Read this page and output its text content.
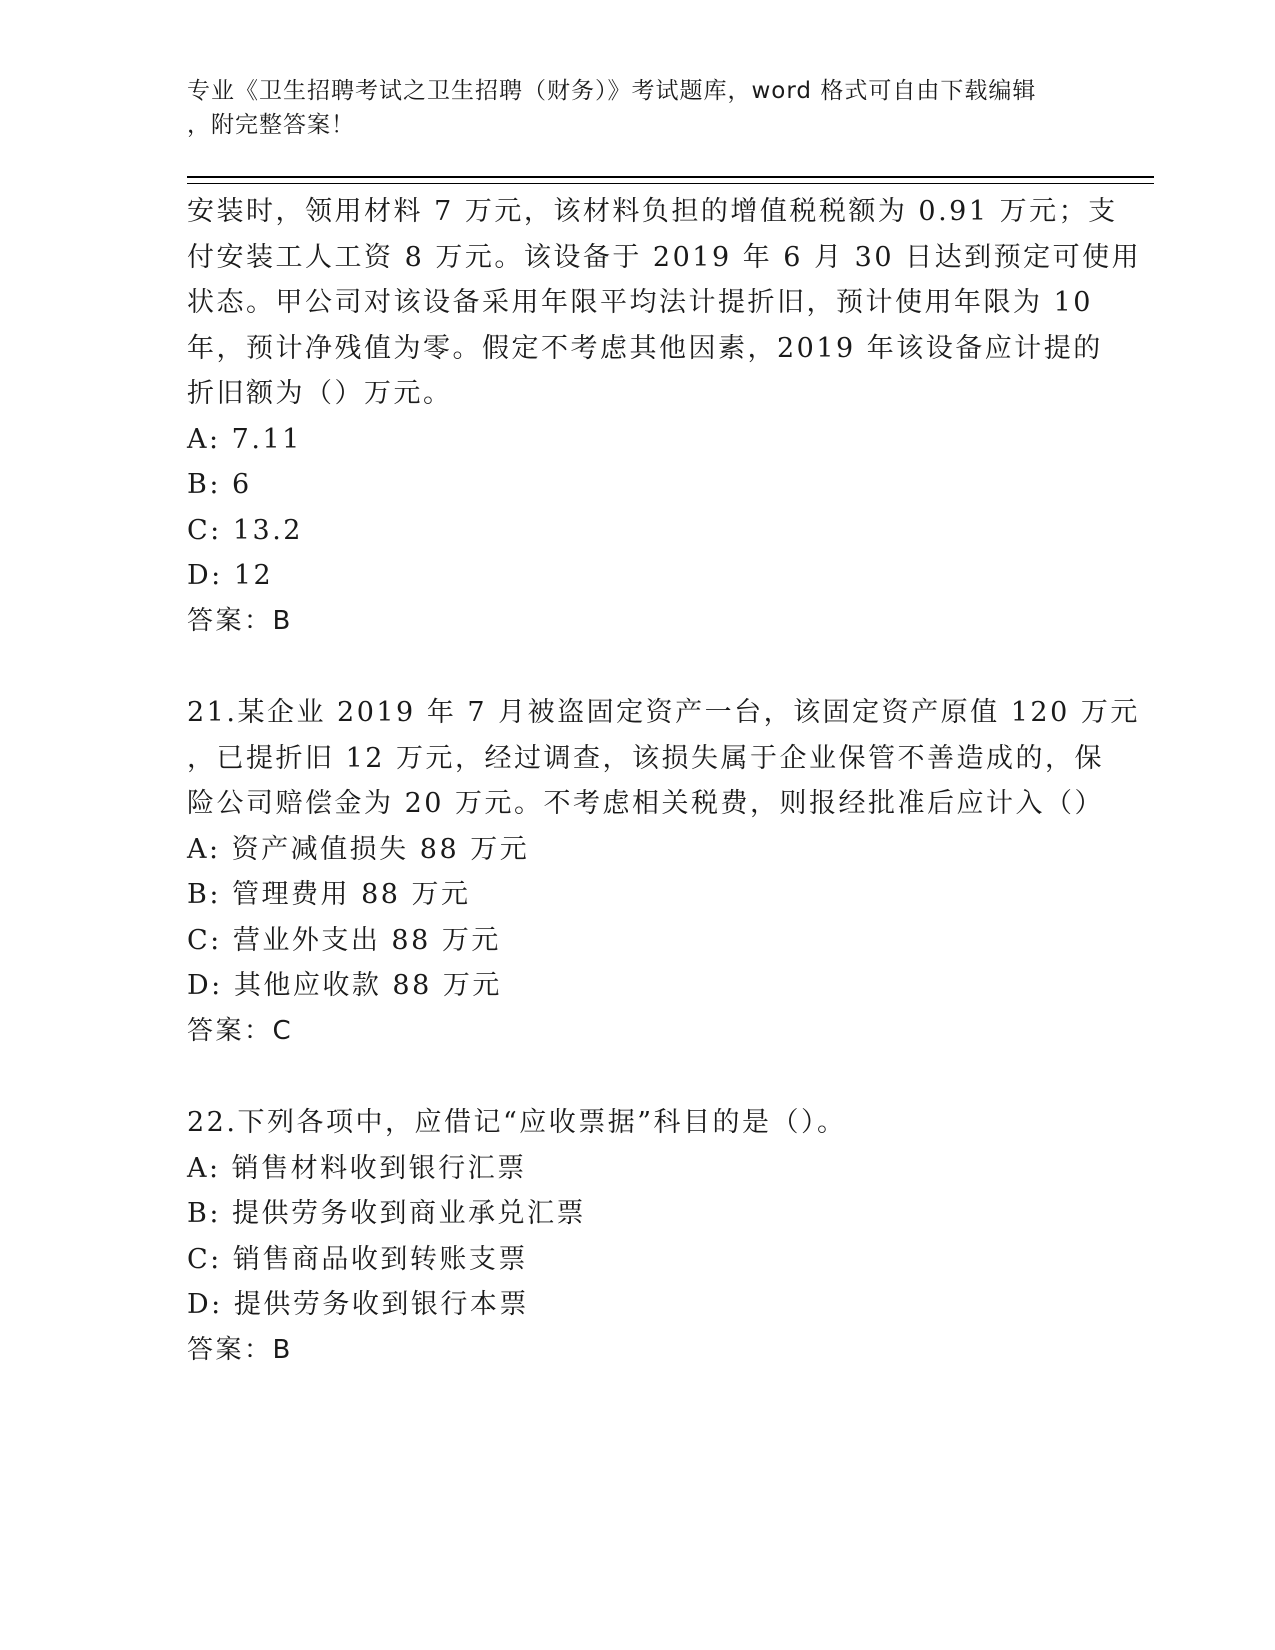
专业《卫生招聘考试之卫生招聘（财务）》考试题库，word 格式可自由下载编辑
，附完整答案！
安装时，领用材料 7 万元，该材料负担的增值税税额为 0.91 万元；支
付安装工人工资 8 万元。该设备于 2019 年 6 月 30 日达到预定可使用
状态。甲公司对该设备采用年限平均法计提折旧，预计使用年限为 10
年，预计净残值为零。假定不考虑其他因素，2019 年该设备应计提的
折旧额为（）万元。
A: 7.11
B: 6
C: 13.2
D: 12
答案：B
21.某企业 2019 年 7 月被盗固定资产一台，该固定资产原值 120 万元
，已提折旧 12 万元，经过调查，该损失属于企业保管不善造成的，保
险公司赔偿金为 20 万元。不考虑相关税费，则报经批准后应计入（）
A: 资产减值损失 88 万元
B: 管理费用 88 万元
C: 营业外支出 88 万元
D: 其他应收款 88 万元
答案：C
22.下列各项中，应借记“应收票据”科目的是（）。
A: 销售材料收到银行汇票
B: 提供劳务收到商业承兑汇票
C: 销售商品收到转账支票
D: 提供劳务收到银行本票
答案：B
